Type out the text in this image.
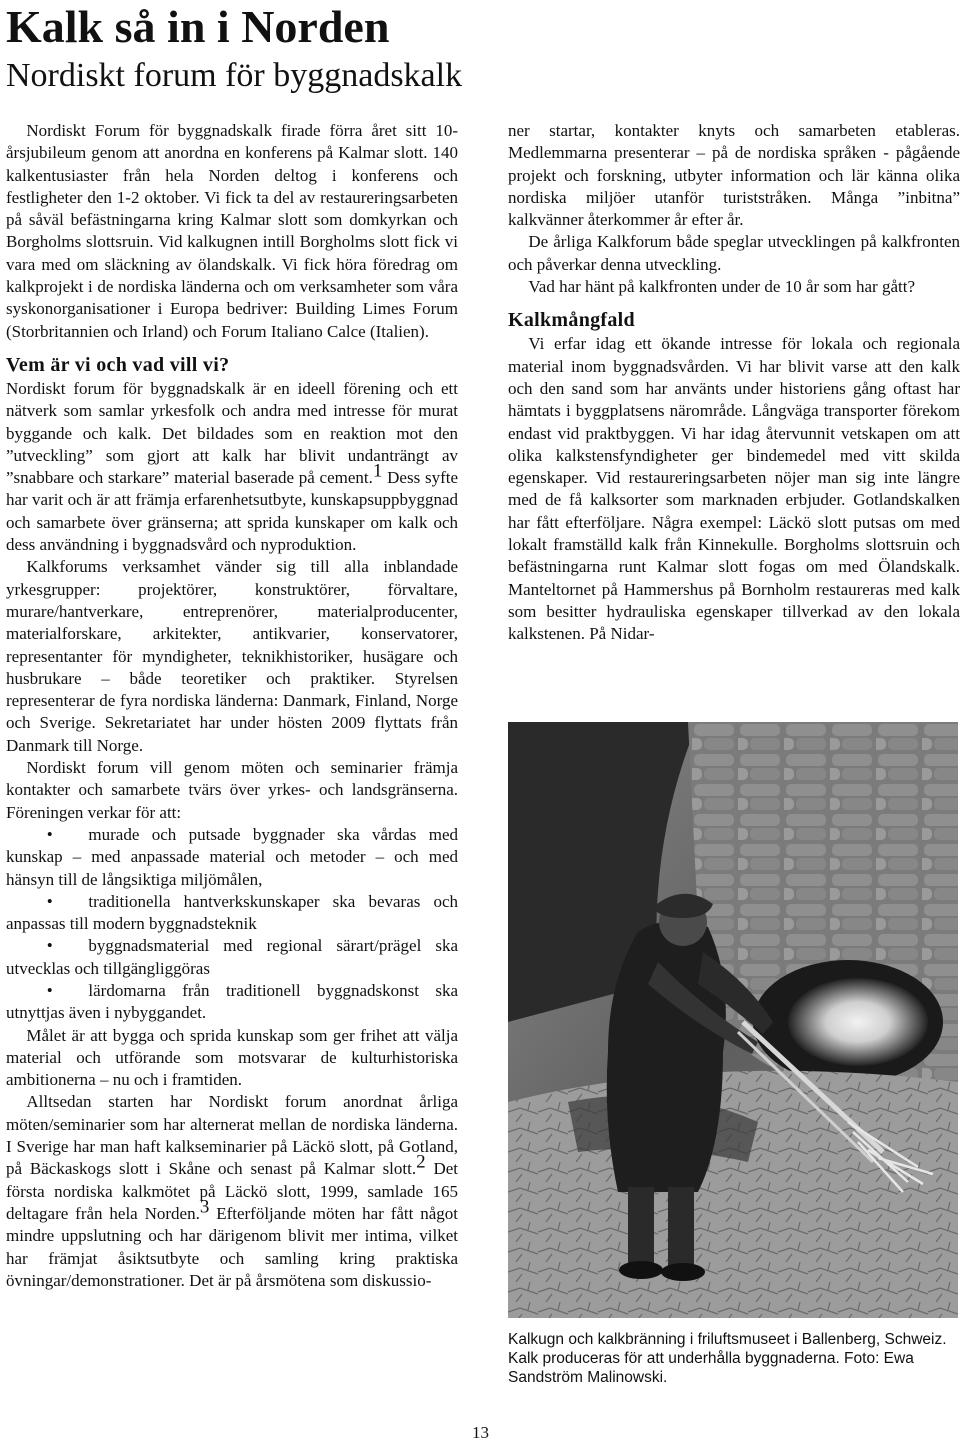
Kalk så in i Norden
Nordiskt forum för byggnadskalk

Nordiskt Forum för byggnadskalk firade förra året sitt 10-årsjubileum genom att anordna en konferens på Kalmar slott. 140 kalkentusiaster från hela Norden deltog i konferens och festligheter den 1-2 oktober. Vi fick ta del av restaureringsarbeten på såväl befästningarna kring Kalmar slott som domkyrkan och Borgholms slottsruin. Vid kalkugnen intill Borgholms slott fick vi vara med om släckning av ölandskalk. Vi fick höra föredrag om kalkprojekt i de nordiska länderna och om verksamheter som våra syskonorganisationer i Europa bedriver: Building Limes Forum (Storbritannien och Irland) och Forum Italiano Calce (Italien).

Vem är vi och vad vill vi?

Nordiskt forum för byggnadskalk är en ideell förening och ett nätverk som samlar yrkesfolk och andra med intresse för murat byggande och kalk. Det bildades som en reaktion mot den ”utveckling” som gjort att kalk har blivit undanträngt av ”snabbare och starkare” material baserade på cement.$^1$ Dess syfte har varit och är att främja erfarenhetsutbyte, kunskapsuppbyggnad och samarbete över gränserna; att sprida kunskaper om kalk och dess användning i byggnadsvård och nyproduktion.

Kalkforums verksamhet vänder sig till alla inblandade yrkesgrupper: projektörer, konstruktörer, förvaltare, murare/hantverkare, entreprenörer, materialproducenter, materialforskare, arkitekter, antikvarier, konservatorer, representanter för myndigheter, teknikhistoriker, husägare och husbrukare – både teoretiker och praktiker. Styrelsen representerar de fyra nordiska länderna: Danmark, Finland, Norge och Sverige. Sekretariatet har under hösten 2009 flyttats från Danmark till Norge.

Nordiskt forum vill genom möten och seminarier främja kontakter och samarbete tvärs över yrkes- och landsgränserna. Föreningen verkar för att:

• murade och putsade byggnader ska vårdas med kunskap – med anpassade material och metoder – och med hänsyn till de långsiktiga miljömålen,

• traditionella hantverkskunskaper ska bevaras och anpassas till modern byggnadsteknik

• byggnadsmaterial med regional särart/prägel ska utvecklas och tillgängliggöras

• lärdomarna från traditionell byggnadskonst ska utnyttjas även i nybyggandet.

Målet är att bygga och sprida kunskap som ger frihet att välja material och utförande som motsvarar de kulturhistoriska ambitionerna – nu och i framtiden.

Alltsedan starten har Nordiskt forum anordnat årliga möten/seminarier som har alternerat mellan de nordiska länderna. I Sverige har man haft kalkseminarier på Läckö slott, på Gotland, på Bäckaskogs slott i Skåne och senast på Kalmar slott.$^2$ Det första nordiska kalkmötet på Läckö slott, 1999, samlade 165 deltagare från hela Norden.$^3$ Efterföljande möten har fått något mindre uppslutning och har därigenom blivit mer intima, vilket har främjat åsiktsutbyte och samling kring praktiska övningar/demonstrationer. Det är på årsmötena som diskussio-

ner startar, kontakter knyts och samarbeten etableras. Medlemmarna presenterar – på de nordiska språken - pågående projekt och forskning, utbyter information och lär känna olika nordiska miljöer utanför turiststråken. Många ”inbitna” kalkvänner återkommer år efter år.

De årliga Kalkforum både speglar utvecklingen på kalkfronten och påverkar denna utveckling.

Vad har hänt på kalkfronten under de 10 år som har gått?

Kalkmångfald

Vi erfar idag ett ökande intresse för lokala och regionala material inom byggnadsvården. Vi har blivit varse att den kalk och den sand som har använts under historiens gång oftast har hämtats i byggplatsens närområde. Långväga transporter förekom endast vid praktbyggen. Vi har idag återvunnit vetskapen om att olika kalkstensfyndigheter ger bindemedel med vitt skilda egenskaper. Vid restaureringsarbeten nöjer man sig inte längre med de få kalksorter som marknaden erbjuder. Gotlandskalken har fått efterföljare. Några exempel: Läckö slott putsas om med lokalt framställd kalk från Kinnekulle. Borgholms slottsruin och befästningarna runt Kalmar slott fogas om med Ölandskalk. Manteltornet på Hammershus på Bornholm restaureras med kalk som besitter hydrauliska egenskaper tillverkad av den lokala kalkstenen. På Nidar-

Kalkugn och kalkbränning i friluftsmuseet i Ballenberg, Schweiz. Kalk produceras för att underhålla byggnaderna. Foto: Ewa Sandström Malinowski.

13
